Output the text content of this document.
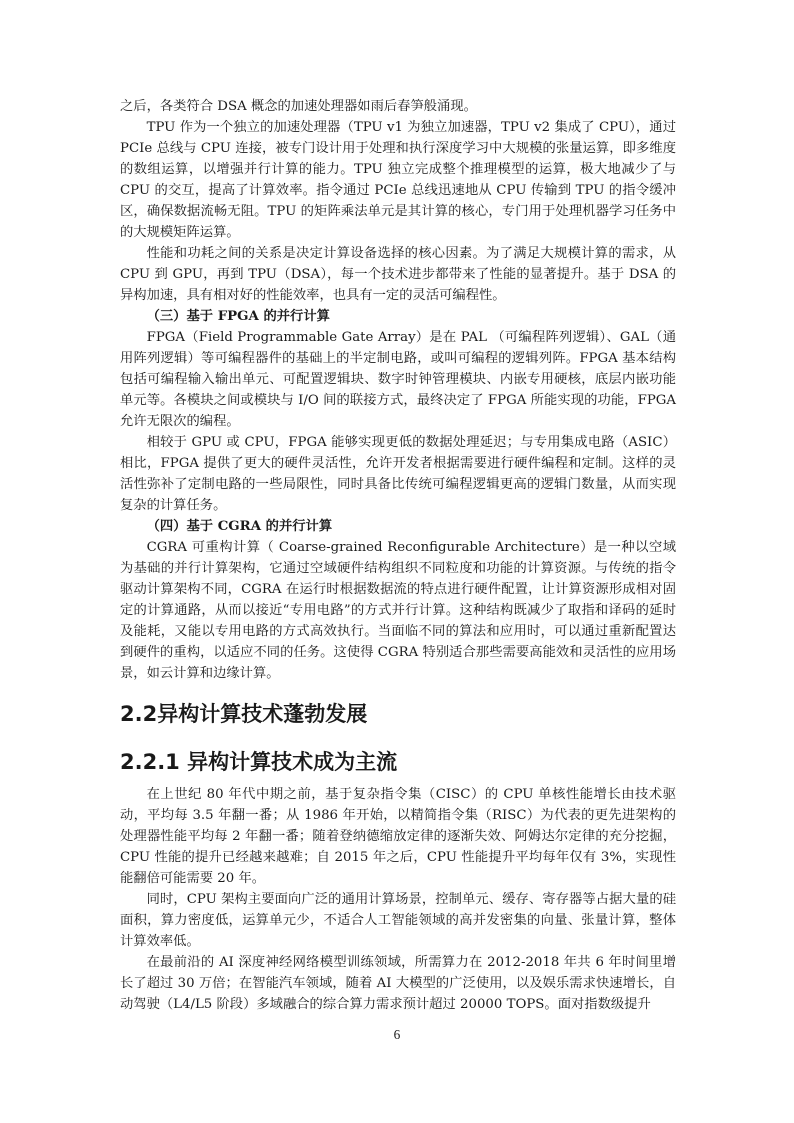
之后，各类符合 DSA 概念的加速处理器如雨后春笋般涌现。

TPU 作为一个独立的加速处理器（TPU v1 为独立加速器，TPU v2 集成了 CPU），通过 PCIe 总线与 CPU 连接，被专门设计用于处理和执行深度学习中大规模的张量运算，即多维度的数组运算，以增强并行计算的能力。TPU 独立完成整个推理模型的运算，极大地减少了与 CPU 的交互，提高了计算效率。指令通过 PCIe 总线迅速地从 CPU 传输到 TPU 的指令缓冲区，确保数据流畅无阻。TPU 的矩阵乘法单元是其计算的核心，专门用于处理机器学习任务中的大规模矩阵运算。

性能和功耗之间的关系是决定计算设备选择的核心因素。为了满足大规模计算的需求，从 CPU 到 GPU，再到 TPU（DSA），每一个技术进步都带来了性能的显著提升。基于 DSA 的异构加速，具有相对好的性能效率，也具有一定的灵活可编程性。

（三）基于 FPGA 的并行计算

FPGA（Field Programmable Gate Array）是在 PAL （可编程阵列逻辑）、GAL（通用阵列逻辑）等可编程器件的基础上的半定制电路，或叫可编程的逻辑列阵。FPGA 基本结构包括可编程输入输出单元、可配置逻辑块、数字时钟管理模块、内嵌专用硬核，底层内嵌功能单元等。各模块之间或模块与 I/O 间的联接方式，最终决定了 FPGA 所能实现的功能，FPGA 允许无限次的编程。

相较于 GPU 或 CPU，FPGA 能够实现更低的数据处理延迟；与专用集成电路（ASIC）相比，FPGA 提供了更大的硬件灵活性，允许开发者根据需要进行硬件编程和定制。这样的灵活性弥补了定制电路的一些局限性，同时具备比传统可编程逻辑更高的逻辑门数量，从而实现复杂的计算任务。

（四）基于 CGRA 的并行计算

CGRA 可重构计算（ Coarse-grained Reconfigurable Architecture）是一种以空域为基础的并行计算架构，它通过空域硬件结构组织不同粒度和功能的计算资源。与传统的指令驱动计算架构不同，CGRA 在运行时根据数据流的特点进行硬件配置，让计算资源形成相对固定的计算通路，从而以接近“专用电路”的方式并行计算。这种结构既减少了取指和译码的延时及能耗，又能以专用电路的方式高效执行。当面临不同的算法和应用时，可以通过重新配置达到硬件的重构，以适应不同的任务。这使得 CGRA 特别适合那些需要高能效和灵活性的应用场景，如云计算和边缘计算。

2.2异构计算技术蓬勃发展
2.2.1 异构计算技术成为主流

在上世纪 80 年代中期之前，基于复杂指令集（CISC）的 CPU 单核性能增长由技术驱动，平均每 3.5 年翻一番；从 1986 年开始，以精简指令集（RISC）为代表的更先进架构的处理器性能平均每 2 年翻一番；随着登纳德缩放定律的逐渐失效、阿姆达尔定律的充分挖掘，CPU 性能的提升已经越来越难；自 2015 年之后，CPU 性能提升平均每年仅有 3%，实现性能翻倍可能需要 20 年。

同时，CPU 架构主要面向广泛的通用计算场景，控制单元、缓存、寄存器等占据大量的硅面积，算力密度低，运算单元少，不适合人工智能领域的高并发密集的向量、张量计算，整体计算效率低。

在最前沿的 AI 深度神经网络模型训练领域，所需算力在 2012-2018 年共 6 年时间里增长了超过 30 万倍；在智能汽车领域，随着 AI 大模型的广泛使用，以及娱乐需求快速增长，自动驾驶（L4/L5 阶段）多域融合的综合算力需求预计超过 20000 TOPS。面对指数级提升

6
